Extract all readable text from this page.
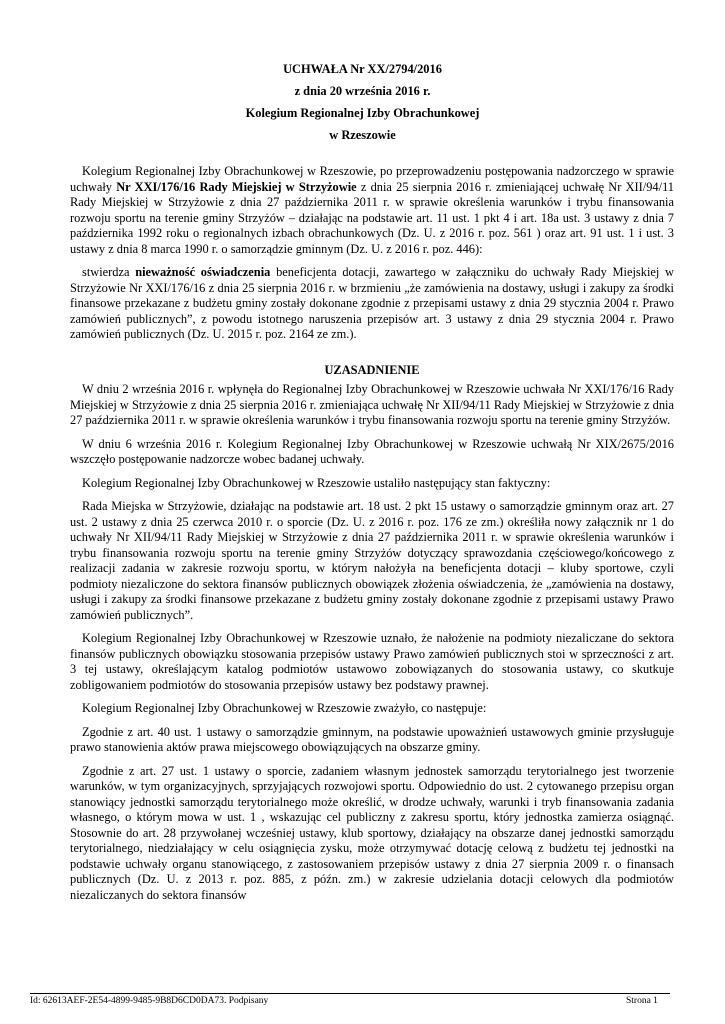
UCHWAŁA Nr XX/2794/2016
z dnia 20 września 2016 r.
Kolegium Regionalnej Izby Obrachunkowej
w Rzeszowie

Kolegium Regionalnej Izby Obrachunkowej w Rzeszowie, po przeprowadzeniu postępowania nadzorczego w sprawie uchwały Nr XXI/176/16 Rady Miejskiej w Strzyżowie z dnia 25 sierpnia 2016 r. zmieniającej uchwałę Nr XII/94/11 Rady Miejskiej w Strzyżowie z dnia 27 października 2011 r. w sprawie określenia warunków i trybu finansowania rozwoju sportu na terenie gminy Strzyżów – działając na podstawie art. 11 ust. 1 pkt 4 i art. 18a ust. 3 ustawy z dnia 7 października 1992 roku o regionalnych izbach obrachunkowych (Dz. U. z 2016 r. poz. 561 ) oraz art. 91 ust. 1 i ust. 3 ustawy z dnia 8 marca 1990 r. o samorządzie gminnym (Dz. U. z 2016 r. poz. 446):

stwierdza nieważność oświadczenia beneficjenta dotacji, zawartego w załączniku do uchwały Rady Miejskiej w Strzyżowie Nr XXI/176/16 z dnia 25 sierpnia 2016 r. w brzmieniu „że zamówienia na dostawy, usługi i zakupy za środki finansowe przekazane z budżetu gminy zostały dokonane zgodnie z przepisami ustawy z dnia 29 stycznia 2004 r. Prawo zamówień publicznych”, z powodu istotnego naruszenia przepisów art. 3 ustawy z dnia 29 stycznia 2004 r. Prawo zamówień publicznych (Dz. U. 2015 r. poz. 2164 ze zm.).

UZASADNIENIE

W dniu 2 września 2016 r. wpłynęła do Regionalnej Izby Obrachunkowej w Rzeszowie uchwała Nr XXI/176/16 Rady Miejskiej w Strzyżowie z dnia 25 sierpnia 2016 r. zmieniająca uchwałę Nr XII/94/11 Rady Miejskiej w Strzyżowie z dnia 27 października 2011 r. w sprawie określenia warunków i trybu finansowania rozwoju sportu na terenie gminy Strzyżów.

W dniu 6 września 2016 r. Kolegium Regionalnej Izby Obrachunkowej w Rzeszowie uchwałą Nr XIX/2675/2016 wszczęło postępowanie nadzorcze wobec badanej uchwały.

Kolegium Regionalnej Izby Obrachunkowej w Rzeszowie ustaliło następujący stan faktyczny:

Rada Miejska w Strzyżowie, działając na podstawie art. 18 ust. 2 pkt 15 ustawy o samorządzie gminnym oraz art. 27 ust. 2 ustawy z dnia 25 czerwca 2010 r. o sporcie (Dz. U. z 2016 r. poz. 176 ze zm.) określiła nowy załącznik nr 1 do uchwały Nr XII/94/11 Rady Miejskiej w Strzyżowie z dnia 27 października 2011 r. w sprawie określenia warunków i trybu finansowania rozwoju sportu na terenie gminy Strzyżów dotyczący sprawozdania częściowego/końcowego z realizacji zadania w zakresie rozwoju sportu, w którym nałożyła na beneficjenta dotacji – kluby sportowe, czyli podmioty niezaliczone do sektora finansów publicznych obowiązek złożenia oświadczenia, że „zamówienia na dostawy, usługi i zakupy za środki finansowe przekazane z budżetu gminy zostały dokonane zgodnie z przepisami ustawy Prawo zamówień publicznych”.

Kolegium Regionalnej Izby Obrachunkowej w Rzeszowie uznało, że nałożenie na podmioty niezaliczane do sektora finansów publicznych obowiązku stosowania przepisów ustawy Prawo zamówień publicznych stoi w sprzeczności z art. 3 tej ustawy, określającym katalog podmiotów ustawowo zobowiązanych do stosowania ustawy, co skutkuje zobligowaniem podmiotów do stosowania przepisów ustawy bez podstawy prawnej.

Kolegium Regionalnej Izby Obrachunkowej w Rzeszowie zważyło, co następuje:

Zgodnie z art. 40 ust. 1 ustawy o samorządzie gminnym, na podstawie upoważnień ustawowych gminie przysługuje prawo stanowienia aktów prawa miejscowego obowiązujących na obszarze gminy.

Zgodnie z art. 27 ust. 1 ustawy o sporcie, zadaniem własnym jednostek samorządu terytorialnego jest tworzenie warunków, w tym organizacyjnych, sprzyjających rozwojowi sportu. Odpowiednio do ust. 2 cytowanego przepisu organ stanowiący jednostki samorządu terytorialnego może określić, w drodze uchwały, warunki i tryb finansowania zadania własnego, o którym mowa w ust. 1 , wskazując cel publiczny z zakresu sportu, który jednostka zamierza osiągnąć. Stosownie do art. 28 przywołanej wcześniej ustawy, klub sportowy, działający na obszarze danej jednostki samorządu terytorialnego, niedziałający w celu osiągnięcia zysku, może otrzymywać dotację celową z budżetu tej jednostki na podstawie uchwały organu stanowiącego, z zastosowaniem przepisów ustawy z dnia 27 sierpnia 2009 r. o finansach publicznych (Dz. U. z 2013 r. poz. 885, z późn. zm.) w zakresie udzielania dotacji celowych dla podmiotów niezaliczanych do sektora finansów

Id: 62613AEF-2E54-4899-9485-9B8D6CD0DA73. Podpisany	Strona 1
